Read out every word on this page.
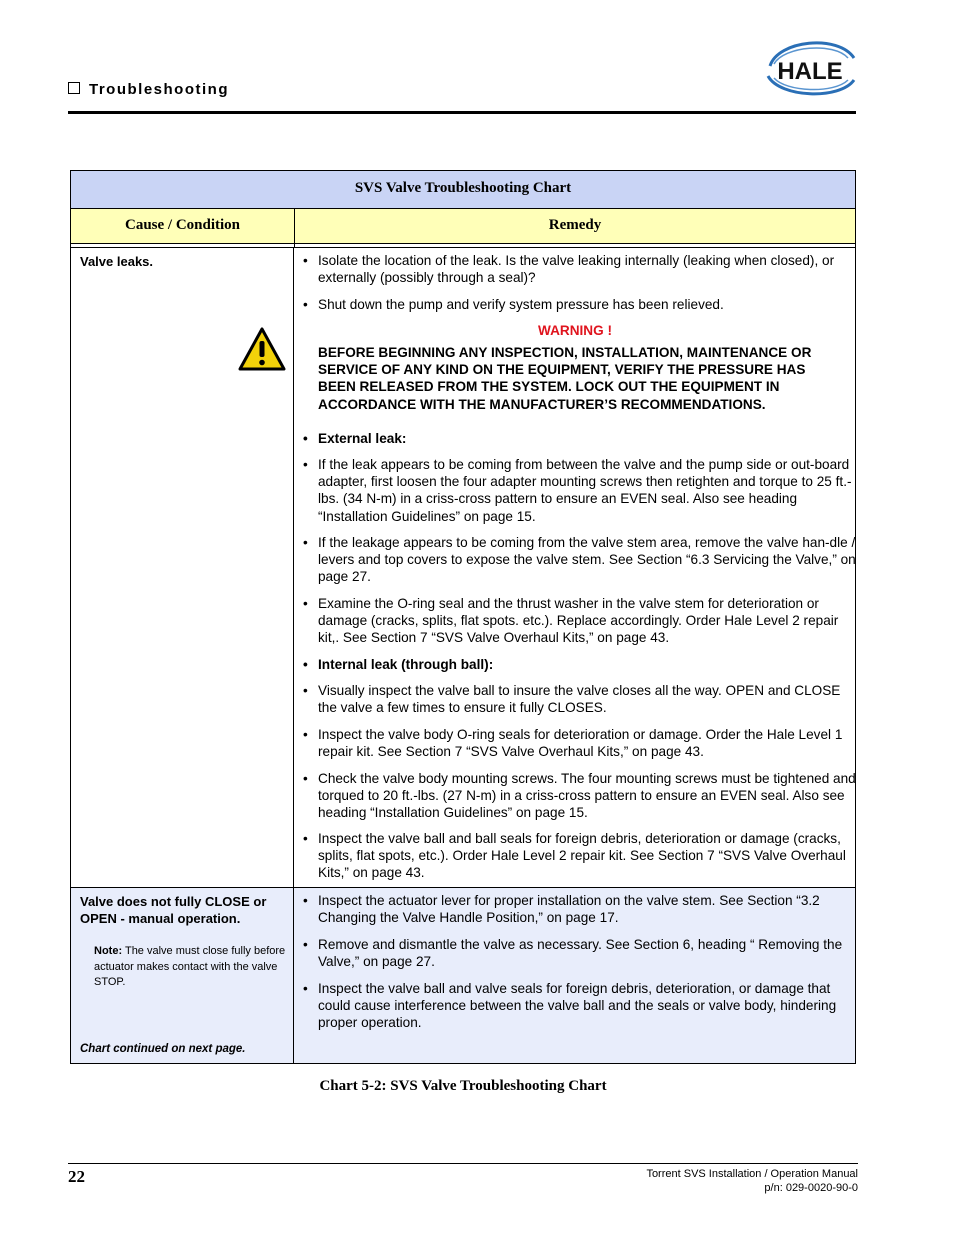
Troubleshooting
HALE
SVS Valve Troubleshooting Chart
Cause / Condition	Remedy
Valve leaks.
•	Isolate the location of the leak. Is the valve leaking internally (leaking when closed), or externally (possibly through a seal)?
• Shut down the pump and verify system pressure has been relieved.
WARNING !
BEFORE BEGINNING ANY INSPECTION, INSTALLATION, MAINTENANCE OR SERVICE OF ANY KIND ON THE EQUIPMENT, VERIFY THE PRESSURE HAS BEEN RELEASED FROM THE SYSTEM. LOCK OUT THE EQUIPMENT IN ACCORDANCE WITH THE MANUFACTURER’S RECOMMENDATIONS.
• External leak:
• If the leak appears to be coming from between the valve and the pump side or out-board adapter, first loosen the four adapter mounting screws then retighten and torque to 25 ft.-lbs. (34 N-m) in a criss-cross pattern to ensure an EVEN seal. Also see heading “Installation Guidelines” on page 15.
• If the leakage appears to be coming from the valve stem area, remove the valve han-dle / levers and top covers to expose the valve stem. See Section “6.3 Servicing the Valve,” on page 27.
• Examine the O-ring seal and the thrust washer in the valve stem for deterioration or damage (cracks, splits, flat spots. etc.). Replace accordingly. Order Hale Level 2 repair kit,. See Section 7 “SVS Valve Overhaul Kits,” on page 43.
• Internal leak (through ball):
• Visually inspect the valve ball to insure the valve closes all the way. OPEN and CLOSE the valve a few times to ensure it fully CLOSES.
• Inspect the valve body O-ring seals for deterioration or damage. Order the Hale Level 1 repair kit. See Section 7 “SVS Valve Overhaul Kits,” on page 43.
• Check the valve body mounting screws. The four mounting screws must be tightened and torqued to 20 ft.-lbs. (27 N-m) in a criss-cross pattern to ensure an EVEN seal. Also see heading “Installation Guidelines” on page 15.
• Inspect the valve ball and ball seals for foreign debris, deterioration or damage (cracks, splits, flat spots, etc.). Order Hale Level 2 repair kit. See Section 7 “SVS Valve Overhaul Kits,” on page 43.
Valve does not fully CLOSE or OPEN - manual operation.
Note: The valve must close fully before actuator makes contact with the valve STOP.
Chart continued on next page.
• Inspect the actuator lever for proper installation on the valve stem. See Section “3.2 Changing the Valve Handle Position,” on page 17.
• Remove and dismantle the valve as necessary. See Section 6, heading “ Removing the Valve,” on page 27.
• Inspect the valve ball and valve seals for foreign debris, deterioration, or damage that could cause interference between the valve ball and the seals or valve body, hindering proper operation.
Chart 5-2: SVS Valve Troubleshooting Chart
22	Torrent SVS Installation / Operation Manual
p/n: 029-0020-90-0
